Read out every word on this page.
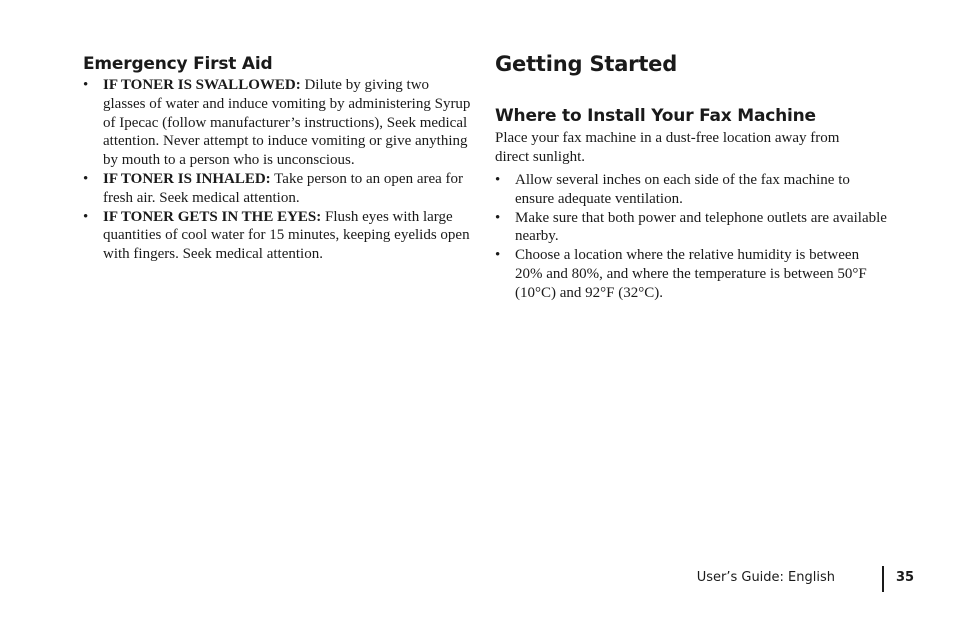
Emergency First Aid
• IF TONER IS SWALLOWED: Dilute by giving two glasses of water and induce vomiting by administering Syrup of Ipecac (follow manufacturer’s instructions), Seek medical attention. Never attempt to induce vomiting or give anything by mouth to a person who is unconscious.
• IF TONER IS INHALED: Take person to an open area for fresh air. Seek medical attention.
• IF TONER GETS IN THE EYES: Flush eyes with large quantities of cool water for 15 minutes, keeping eyelids open with fingers. Seek medical attention.
Getting Started
Where to Install Your Fax Machine

Place your fax machine in a dust-free location away from direct sunlight.

• Allow several inches on each side of the fax machine to ensure adequate ventilation.
• Make sure that both power and telephone outlets are available nearby.
• Choose a location where the relative humidity is between 20% and 80%, and where the temperature is between 50°F (10°C) and 92°F (32°C).
User’s Guide: English	35
